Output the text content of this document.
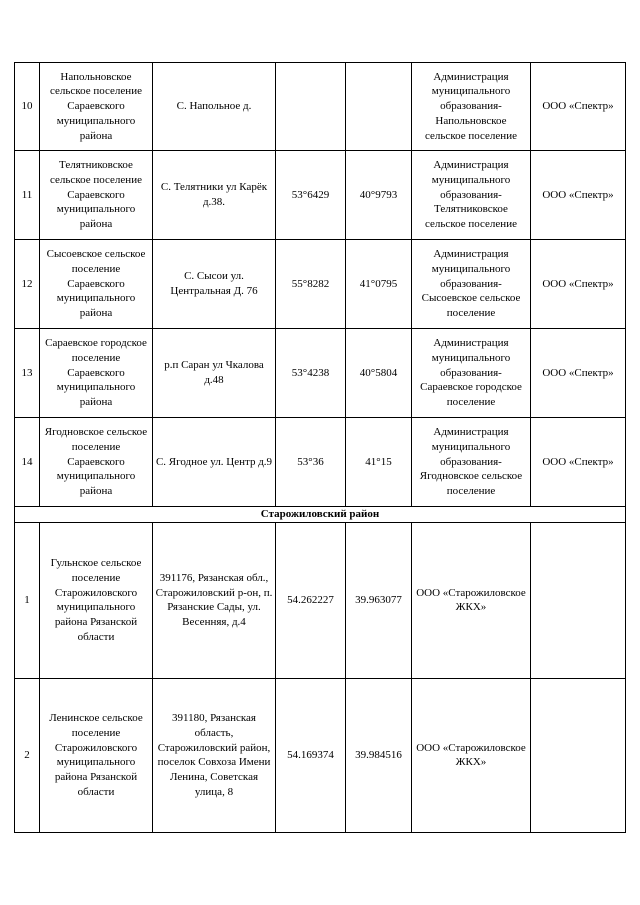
10	Напольновское сельское поселение Сараевского муниципального района	С. Напольное д.			Администрация муниципального образования-Напольновское сельское поселение	ООО «Спектр»
11	Телятниковское сельское поселение Сараевского муниципального района	С. Телятники ул Карёк д.38.	53°6429	40°9793	Администрация муниципального образования-Телятниковское сельское поселение	ООО «Спектр»
12	Сысоевское сельское поселение Сараевского муниципального района	С. Сысои ул. Центральная Д. 76	55°8282	41°0795	Администрация муниципального образования-Сысоевское сельское поселение	ООО «Спектр»
13	Сараевское городское поселение Сараевского муниципального района	р.п Саран ул Чкалова д.48	53°4238	40°5804	Администрация муниципального образования-Сараевское городское поселение	ООО «Спектр»
14	Ягодновское сельское поселение Сараевского муниципального района	С. Ягодное ул. Центр д.9	53°36	41°15	Администрация муниципального образования-Ягодновское сельское поселение	ООО «Спектр»
Старожиловский район						
1	Гульнское сельское поселение Старожиловского муниципального района Рязанской области	391176, Рязанская обл., Старожиловский р-он, п. Рязанские Сады, ул. Весенняя, д.4	54.262227	39.963077	ООО «Старожиловское ЖКХ»	
2	Ленинское сельское поселение Старожиловского муниципального района Рязанской области	391180, Рязанская область, Старожиловский район, поселок Совхоза Имени Ленина, Советская улица, 8	54.169374	39.984516	ООО «Старожиловское ЖКХ»	
